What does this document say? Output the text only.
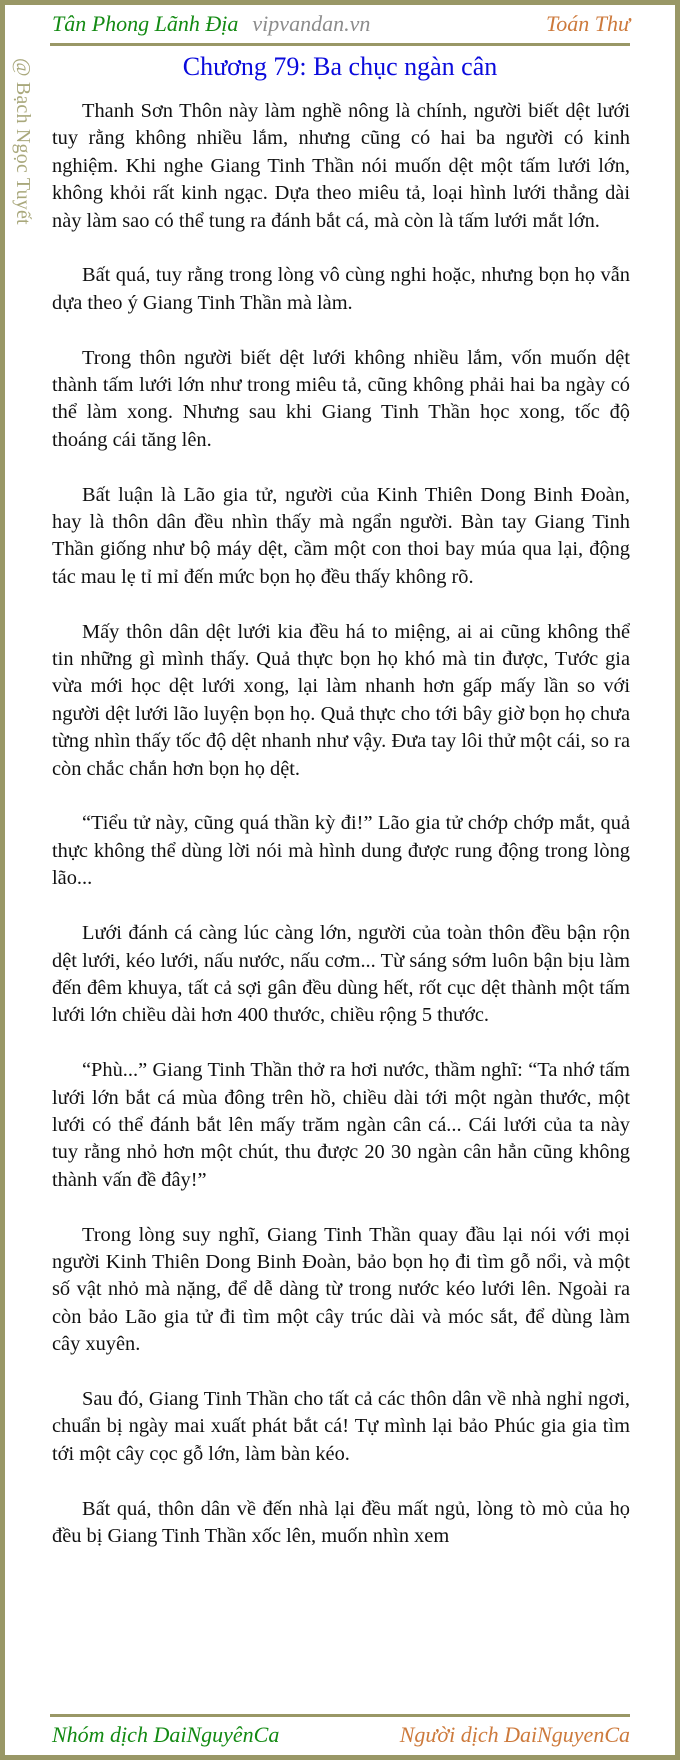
@ Bạch Ngọc Tuyết
Tân Phong Lãnh Địa vipvandan.vn	Toán Thư
Chương 79: Ba chục ngàn cân

Thanh Sơn Thôn này làm nghề nông là chính, người biết dệt lưới tuy rằng không nhiều lắm, nhưng cũng có hai ba người có kinh nghiệm. Khi nghe Giang Tinh Thần nói muốn dệt một tấm lưới lớn, không khỏi rất kinh ngạc. Dựa theo miêu tả, loại hình lưới thẳng dài này làm sao có thể tung ra đánh bắt cá, mà còn là tấm lưới mắt lớn.

Bất quá, tuy rằng trong lòng vô cùng nghi hoặc, nhưng bọn họ vẫn dựa theo ý Giang Tinh Thần mà làm.

Trong thôn người biết dệt lưới không nhiều lắm, vốn muốn dệt thành tấm lưới lớn như trong miêu tả, cũng không phải hai ba ngày có thể làm xong. Nhưng sau khi Giang Tinh Thần học xong, tốc độ thoáng cái tăng lên.

Bất luận là Lão gia tử, người của Kinh Thiên Dong Binh Đoàn, hay là thôn dân đều nhìn thấy mà ngẩn người. Bàn tay Giang Tinh Thần giống như bộ máy dệt, cầm một con thoi bay múa qua lại, động tác mau lẹ tỉ mỉ đến mức bọn họ đều thấy không rõ.

Mấy thôn dân dệt lưới kia đều há to miệng, ai ai cũng không thể tin những gì mình thấy. Quả thực bọn họ khó mà tin được, Tước gia vừa mới học dệt lưới xong, lại làm nhanh hơn gấp mấy lần so với người dệt lưới lão luyện bọn họ. Quả thực cho tới bây giờ bọn họ chưa từng nhìn thấy tốc độ dệt nhanh như vậy. Đưa tay lôi thử một cái, so ra còn chắc chắn hơn bọn họ dệt.

“Tiểu tử này, cũng quá thần kỳ đi!” Lão gia tử chớp chớp mắt, quả thực không thể dùng lời nói mà hình dung được rung động trong lòng lão...

Lưới đánh cá càng lúc càng lớn, người của toàn thôn đều bận rộn dệt lưới, kéo lưới, nấu nước, nấu cơm... Từ sáng sớm luôn bận bịu làm đến đêm khuya, tất cả sợi gân đều dùng hết, rốt cục dệt thành một tấm lưới lớn chiều dài hơn 400 thước, chiều rộng 5 thước.

“Phù...” Giang Tinh Thần thở ra hơi nước, thầm nghĩ: “Ta nhớ tấm lưới lớn bắt cá mùa đông trên hồ, chiều dài tới một ngàn thước, một lưới có thể đánh bắt lên mấy trăm ngàn cân cá... Cái lưới của ta này tuy rằng nhỏ hơn một chút, thu được 20 30 ngàn cân hẳn cũng không thành vấn đề đây!”

Trong lòng suy nghĩ, Giang Tinh Thần quay đầu lại nói với mọi người Kinh Thiên Dong Binh Đoàn, bảo bọn họ đi tìm gỗ nổi, và một số vật nhỏ mà nặng, để dễ dàng từ trong nước kéo lưới lên. Ngoài ra còn bảo Lão gia tử đi tìm một cây trúc dài và móc sắt, để dùng làm cây xuyên.

Sau đó, Giang Tinh Thần cho tất cả các thôn dân về nhà nghỉ ngơi, chuẩn bị ngày mai xuất phát bắt cá! Tự mình lại bảo Phúc gia gia tìm tới một cây cọc gỗ lớn, làm bàn kéo.

Bất quá, thôn dân về đến nhà lại đều mất ngủ, lòng tò mò của họ đều bị Giang Tinh Thần xốc lên, muốn nhìn xem

Nhóm dịch DaiNguyênCa	Người dịch DaiNguyenCa
